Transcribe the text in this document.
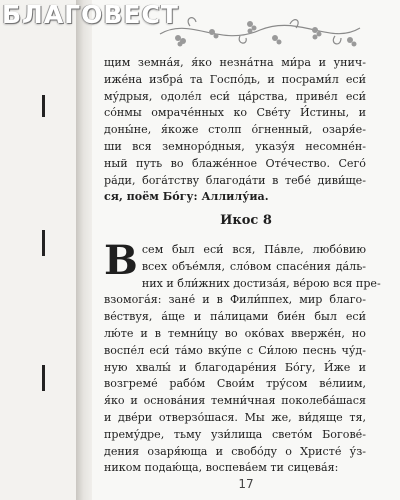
БЛАГОВЕСТ
щим земна́я, я́ко незна́тна ми́ра и унич-
иже́на избра́ та Госпо́дь, и посрами́л еси́
му́дрыя, одоле́л еси́ ца́рства, приве́л еси́
со́нмы омраче́нных ко Све́ту И́стины, и
доны́не, я́коже столп о́гненный, озаря́е-
ши вся земноро́дныя, указу́я несомне́н-
ный путь во блаже́нное Оте́чество. Сего́
ра́ди, бога́тству благода́ти в тебе́ диви́ще-
ся, поём Бо́гу: Аллилу́иа.
Икос 8
В сем был еси́ вся, Па́вле, любо́вию
всех объе́мля, сло́вом спасе́ния да́ль-
них и бли́жних достиза́я, ве́рою вся пре-
взомога́я: зане́ и в Фили́ппех, мир благо-
ве́ствуя, а́ще и па́лицами бие́н был еси́
лю́те и в темни́цу во око́вах вверже́н, но
воспе́л еси́ та́мо вку́пе с Си́лою песнь чу́д-
ную хвалы́ и благодаре́ния Бо́гу, И́же и
возгреме́ рабо́м Свои́м тру́сом ве́лиим,
я́ко и основа́ния темни́чная поколеба́шася
и две́ри отверзо́шася. Мы же, ви́дяще тя,
прему́дре, тьму узи́лища свето́м Богове́-
дения озаря́юща и свобо́ду о Христе́ у́з-
ником подаю́ща, воспева́ем ти сицева́я:
17
